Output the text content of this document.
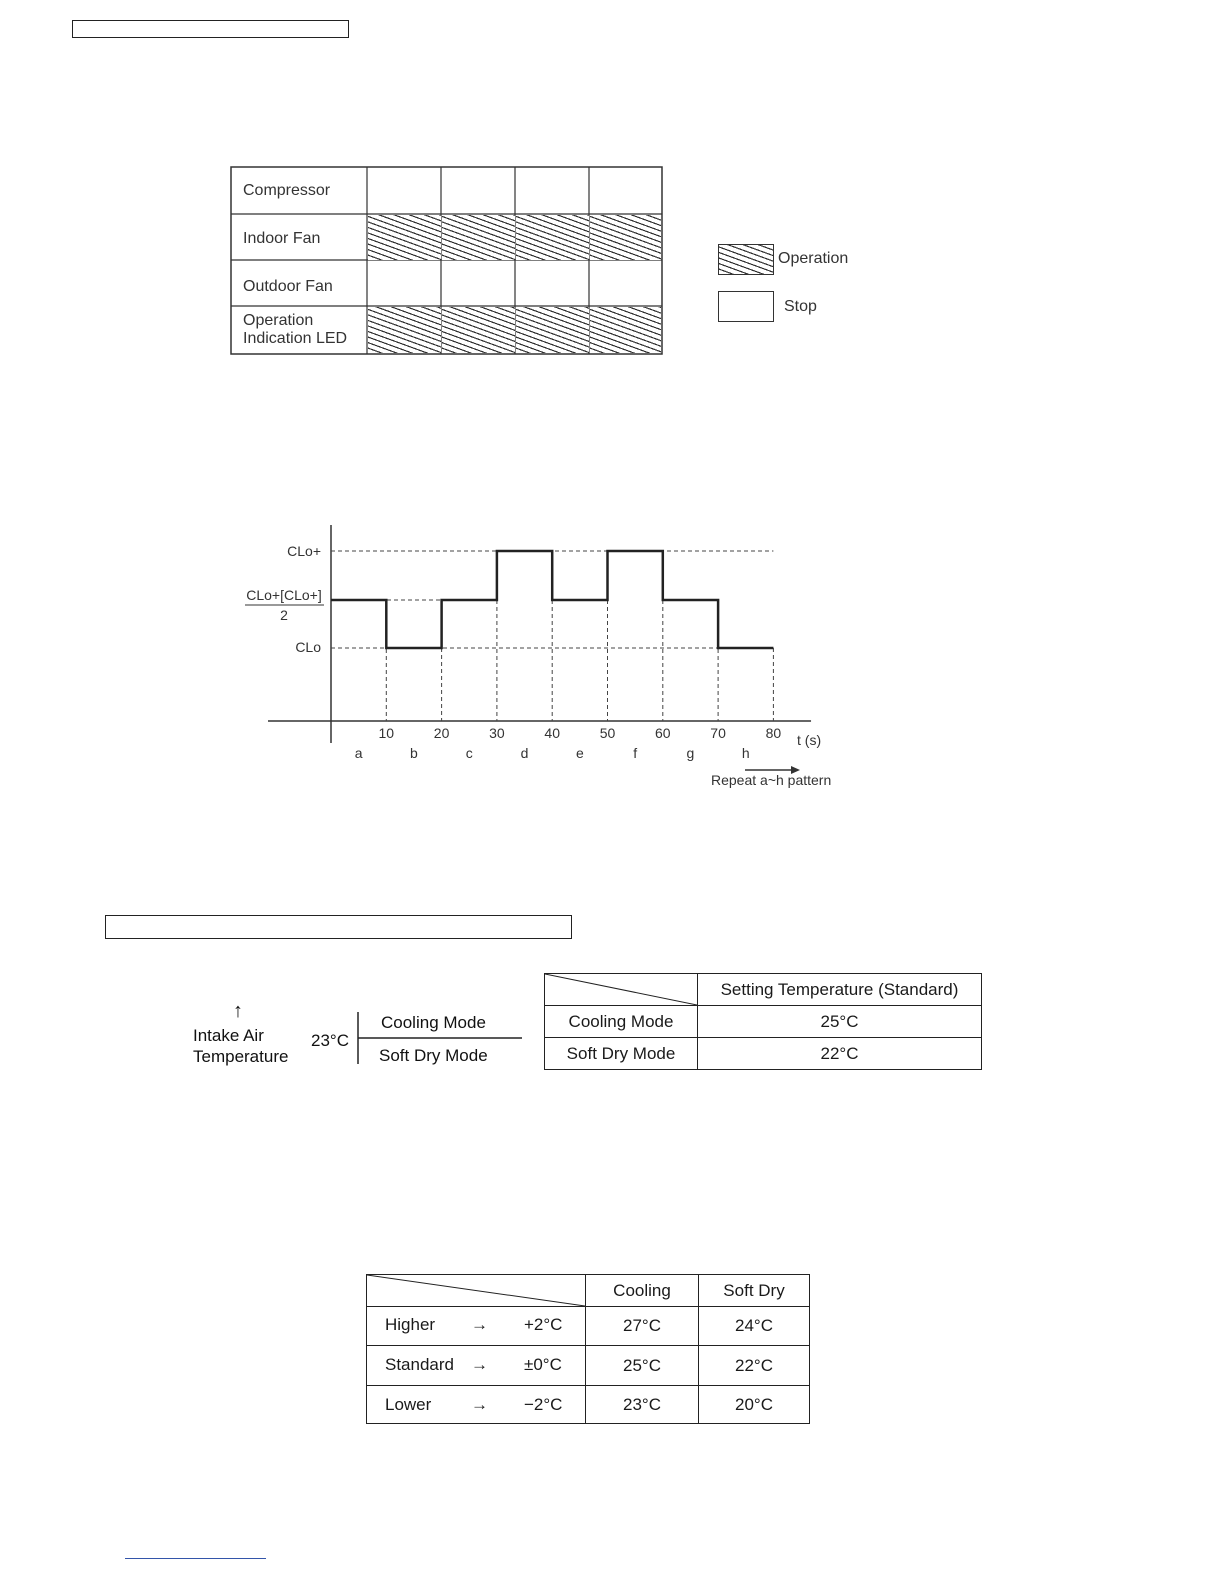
Compressor
Indoor Fan
Outdoor Fan
Operation
Indication LED
Operation
Stop
10	20	30	40	50	60	70	80
a	b	c	d	e	f	g	h
t (s)
CLo+
CLo+[CLo+]
2
CLo
Repeat a~h pattern
↑
Intake Air
Temperature
23°C
Cooling Mode
Soft Dry Mode
	Setting Temperature (Standard)
Cooling Mode	25°C
Soft Dry Mode	22°C
	Cooling	Soft Dry

Higher → +2°C	27°C	24°C

Standard → ±0°C	25°C	22°C

Lower → −2°C	23°C	20°C
